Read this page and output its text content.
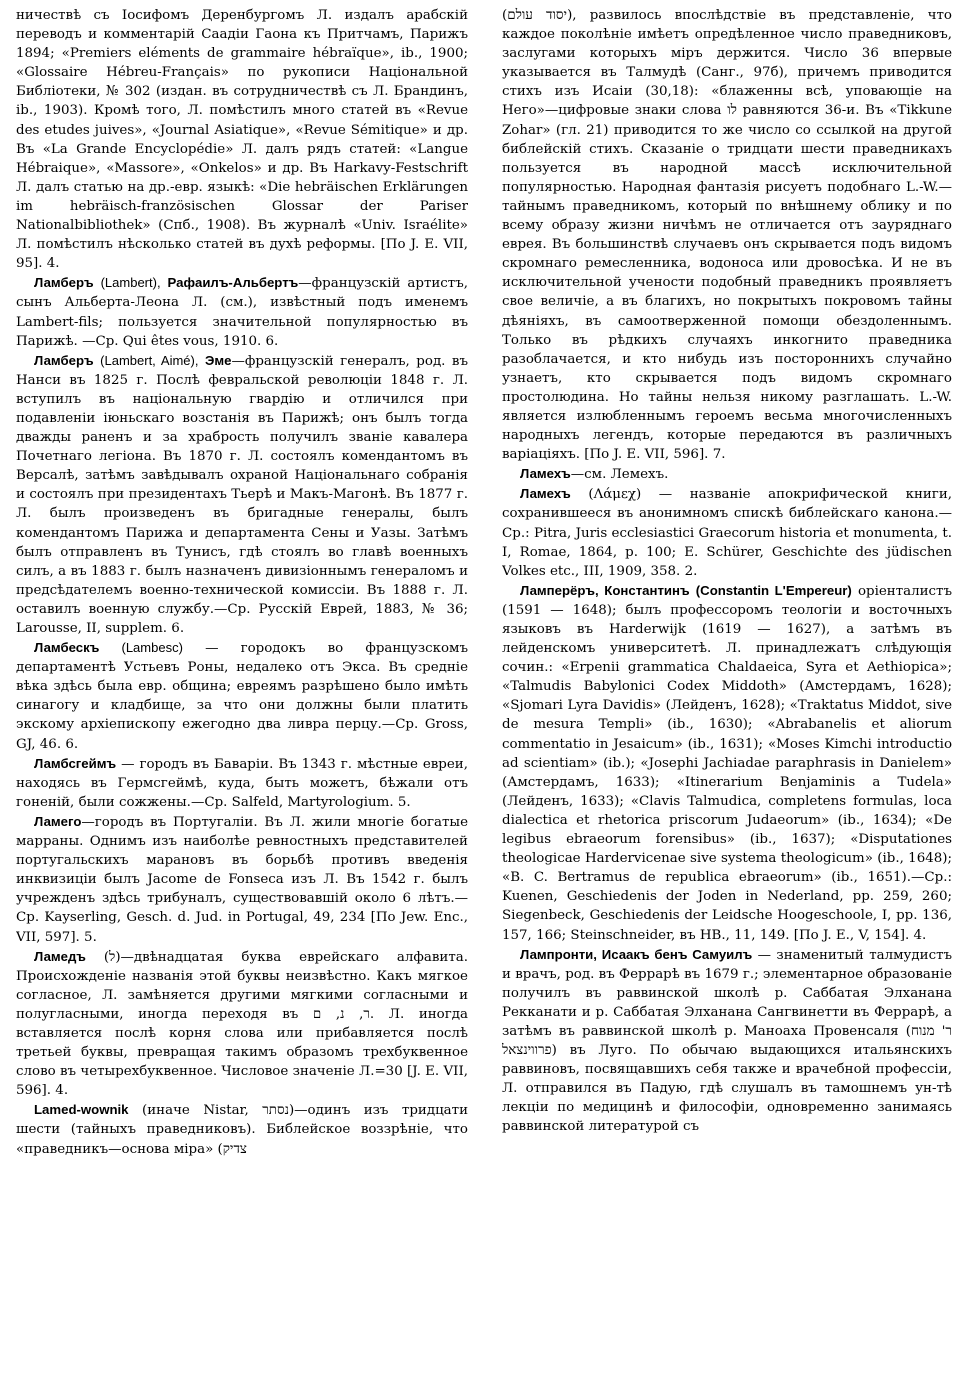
ничествѣ съ Іосифомъ Деренбургомъ Л. издалъ арабскій переводъ и комментарій Саадіи Гаона къ Притчамъ, Парижъ 1894; «Premiers eléments de grammaire hébraïque», ib., 1900; «Glossaire Hébreu-Français» по рукописи Національной Библіотеки, № 302 (издан. въ сотрудничествѣ съ Л. Брандинъ, ib., 1903). Кромѣ того, Л. помѣстилъ много статей въ «Revue des etudes juives», «Journal Asiatique», «Revue Sémitique» и др. Въ «La Grande Encyclopédie» Л. далъ рядъ статей: «Langue Hébraique», «Massore», «Onkelos» и др. Въ Harkavy-Festschrift Л. далъ статью на др.-евр. языкѣ: «Die hebräischen Erklärungen im hebräisch-französischen Glossar der Pariser Nationalbibliothek» (Спб., 1908). Въ журналѣ «Univ. Israélite» Л. помѣстилъ нѣсколько статей въ духѣ реформы. [По J. E. VII, 95]. 4.

Ламберъ (Lambert), Рафаилъ-Альбертъ—французскій артистъ, сынъ Альберта-Леона Л. (см.), извѣстный подъ именемъ Lambert-fils; пользуется значительной популярностью въ Парижѣ. —Ср. Qui êtes vous, 1910. 6.

Ламберъ (Lambert, Aimé), Эме—французскій генералъ, род. въ Нанси въ 1825 г. Послѣ февральской революціи 1848 г. Л. вступилъ въ національную гвардію и отличился при подавленіи іюньскаго возстанія въ Парижѣ; онъ былъ тогда дважды раненъ и за храбрость получилъ званіе кавалера Почетнаго легіона. Въ 1870 г. Л. состоялъ комендантомъ въ Версалѣ, затѣмъ завѣдывалъ охраной Національнаго собранія и состоялъ при президентахъ Тьерѣ и Макъ-Магонѣ. Въ 1877 г. Л. былъ произведенъ въ бригадные генералы, былъ комендантомъ Парижа и департамента Сены и Уазы. Затѣмъ былъ отправленъ въ Тунисъ, гдѣ стоялъ во главѣ военныхъ силъ, а въ 1883 г. былъ назначенъ дивизіоннымъ генераломъ и предсѣдателемъ военно-технической комиссіи. Въ 1888 г. Л. оставилъ военную службу.—Ср. Русскій Еврей, 1883, № 36; Larousse, II, supplem. 6.

Ламбескъ (Lambesc) — городокъ во французскомъ департаментѣ Устьевъ Роны, недалеко отъ Экса. Въ средніе вѣка здѣсь была евр. община; евреямъ разрѣшено было имѣть синагогу и кладбище, за что они должны были платить экскому архіепископу ежегодно два ливра перцу.—Ср. Gross, GJ, 46. 6.

Ламбсгеймъ — городъ въ Баваріи. Въ 1343 г. мѣстные евреи, находясь въ Гермсгеймѣ, куда, быть можетъ, бѣжали отъ гоненій, были сожжены.—Ср. Salfeld, Martyrologium. 5.

Ламего—городъ въ Португаліи. Въ Л. жили многіе богатые марраны. Однимъ изъ наиболѣе ревностныхъ представителей португальскихъ марановъ въ борьбѣ противъ введенія инквизиціи былъ Jacome de Fonseca изъ Л. Въ 1542 г. былъ учрежденъ здѣсь трибуналъ, существовавшій около 6 лѣтъ.—Ср. Kayserling, Gesch. d. Jud. in Portugal, 49, 234 [По Jew. Enc., VII, 597]. 5.

Ламедъ (ל)—двѣнадцатая буква еврейскаго алфавита. Происхожденіе названія этой буквы неизвѣстно. Какъ мягкое согласное, Л. замѣняется другими мягкими согласными и полугласными, иногда переходя въ ר, נ, ם. Л. иногда вставляется послѣ корня слова или прибавляется послѣ третьей буквы, превращая такимъ образомъ трехбуквенное слово въ четырехбуквенное. Числовое значеніе Л.=30 [J. E. VII, 596]. 4.

Lamed-wownik (иначе Nistar, נסתר)—одинъ изъ тридцати шести (тайныхъ праведниковъ). Библейское воззрѣніе, что «праведникъ—основа міра» (צדיק

(יסוד עולם), развилось впослѣдствіе въ представленіе, что каждое поколѣніе имѣетъ опредѣленное число праведниковъ, заслугами которыхъ міръ держится. Число 36 впервые указывается въ Талмудѣ (Санг., 97б), причемъ приводится стихъ изъ Исаіи (30,18): «блаженны всѣ, уповающіе на Него»—цифровые знаки слова לו равняются 36-и. Въ «Tikkune Zohar» (гл. 21) приводится то же число со ссылкой на другой библейскій стихъ. Сказаніе о тридцати шести праведникахъ пользуется въ народной массѣ исключительной популярностью. Народная фантазія рисуетъ подобнаго L.-W.—тайнымъ праведникомъ, который по внѣшнему облику и по всему образу жизни ничѣмъ не отличается отъ зауряднаго еврея. Въ большинствѣ случаевъ онъ скрывается подъ видомъ скромнаго ремесленника, водоноса или дровосѣка. И не въ исключительной учености подобный праведникъ проявляетъ свое величіе, а въ благихъ, но покрытыхъ покровомъ тайны дѣяніяхъ, въ самоотверженной помощи обездоленнымъ. Только въ рѣдкихъ случаяхъ инкогнито праведника разоблачается, и кто нибудь изъ постороннихъ случайно узнаетъ, кто скрывается подъ видомъ скромнаго простолюдина. Но тайны нельзя никому разглашать. L.-W. является излюбленнымъ героемъ весьма многочисленныхъ народныхъ легендъ, которые передаются въ различныхъ варіаціяхъ. [По J. E. VII, 596]. 7.

Ламехъ—см. Лемехъ.

Ламехъ (Λάμεχ) — названіе апокрифической книги, сохранившееся въ анонимномъ спискѣ библейскаго канона.—Ср.: Pitra, Juris ecclesiastici Graecorum historia et monumenta, t. I, Romae, 1864, p. 100; E. Schürer, Geschichte des jüdischen Volkes etc., III, 1909, 358. 2.

Ламперёръ, Константинъ (Constantin L'Empereur) оріенталистъ (1591 — 1648); былъ профессоромъ теологіи и восточныхъ языковъ въ Harderwijk (1619 — 1627), а затѣмъ въ лейденскомъ университетѣ. Л. принадлежатъ слѣдующія сочин.: «Erpenii grammatica Chaldaeica, Syra et Aethiopica»; «Talmudis Babylonici Codex Middoth» (Амстердамъ, 1628); «Sjomari Lyra Davidis» (Лейденъ, 1628); «Traktatus Middot, sive de mesura Templi» (ib., 1630); «Abrabanelis et aliorum commentatio in Jesaicum» (ib., 1631); «Moses Kimchi introductio ad scientiam» (ib.); «Josephi Jachiadae paraphrasis in Danielem» (Амстердамъ, 1633); «Itinerarium Benjaminis a Tudela» (Лейденъ, 1633); «Clavis Talmudica, completens formulas, loca dialectica et rhetorica priscorum Judaeorum» (ib., 1634); «De legibus ebraeorum forensibus» (ib., 1637); «Disputationes theologicae Hardervicenae sive systema theologicum» (ib., 1648); «B. C. Bertramus de republica ebraeorum» (ib., 1651).—Ср.: Kuenen, Geschiedenis der Joden in Nederland, pp. 259, 260; Siegenbeck, Geschiedenis der Leidsche Hoogeschoole, I, pp. 136, 157, 166; Steinschneider, въ HB., 11, 149. [По J. E., V, 154]. 4.

Лампронти, Исаакъ бенъ Самуилъ — знаменитый талмудистъ и врачъ, род. въ Феррарѣ въ 1679 г.; элементарное образованіе получилъ въ раввинской школѣ р. Саббатая Элханана Рекканати и р. Саббатая Элханана Сангвинетти въ Феррарѣ, а затѣмъ въ раввинской школѣ р. Маноаха Провенсаля (ר' מנוח פרווינצאל) въ Луго. По обычаю выдающихся итальянскихъ раввиновъ, посвящавшихъ себя также и врачебной профессіи, Л. отправился въ Падую, гдѣ слушалъ въ тамошнемъ ун-тѣ лекціи по медицинѣ и философіи, одновременно занимаясь раввинской литературой съ
